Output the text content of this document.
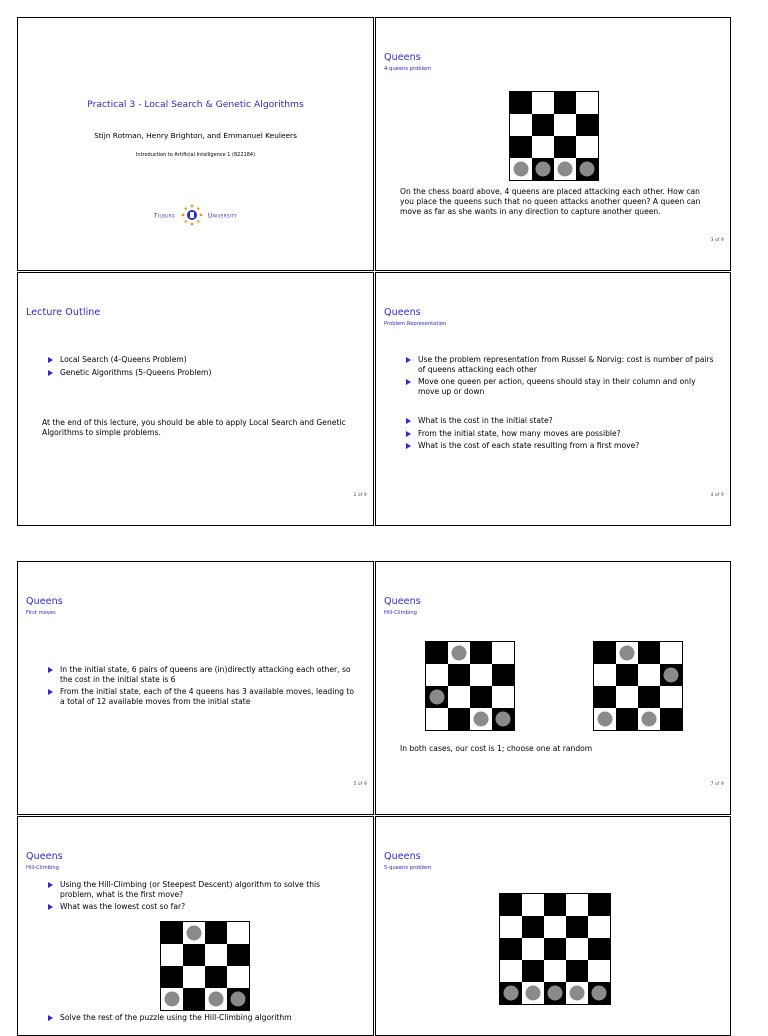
Practical 3 - Local Search & Genetic Algorithms
Stijn Rotman, Henry Brighton, and Emmanuel Keuleers
Introduction to Artificial Intelligence 1 (822184)
Tilburg	University
Queens
4-queens problem
On the chess board above, 4 queens are placed attacking each other. How can you place the queens such that no queen attacks another queen? A queen can move as far as she wants in any direction to capture another queen.
3 of 9
Lecture Outline
Local Search (4-Queens Problem)
Genetic Algorithms (5-Queens Problem)
At the end of this lecture, you should be able to apply Local Search and Genetic Algorithms to simple problems.
2 of 9
Queens
Problem Representation
Use the problem representation from Russel & Norvig: cost is number of pairs of queens attacking each other
Move one queen per action, queens should stay in their column and only move up or down
What is the cost in the initial state?
From the initial state, how many moves are possible?
What is the cost of each state resulting from a first move?
4 of 9
Queens
First moves
In the initial state, 6 pairs of queens are (in)directly attacking each other, so the cost in the initial state is 6
From the initial state, each of the 4 queens has 3 available moves, leading to a total of 12 available moves from the initial state
5 of 9
Queens
Hill-Climbing
In both cases, our cost is 1; choose one at random
7 of 9
Queens
Hill-Climbing
Using the Hill-Climbing (or Steepest Descent) algorithm to solve this problem, what is the first move?
What was the lowest cost so far?
Solve the rest of the puzzle using the Hill-Climbing algorithm
Queens
5-queens problem
